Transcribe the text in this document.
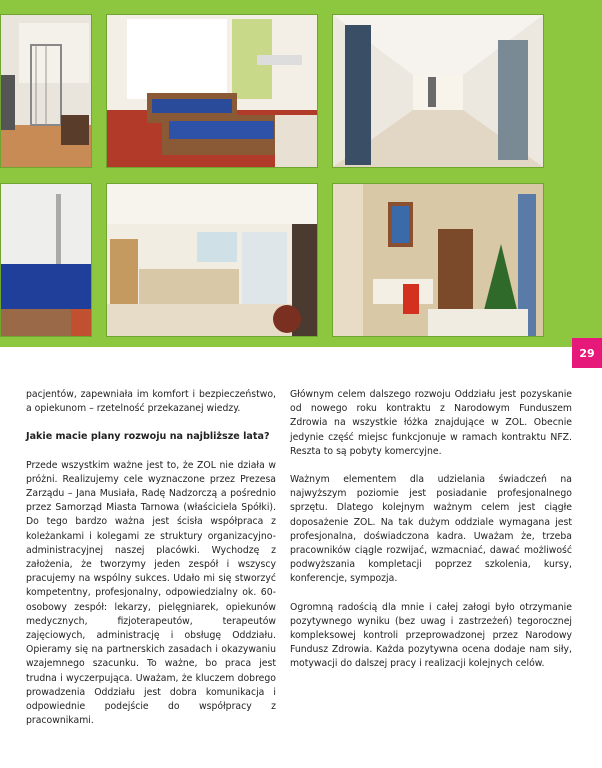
29

pacjentów, zapewniała im komfort i bezpieczeństwo, a opiekunom – rzetelność przekazanej wiedzy.

Jakie macie plany rozwoju na najbliższe lata?

Przede wszystkim ważne jest to, że ZOL nie działa w próżni. Realizujemy cele wyznaczone przez Prezesa Zarządu – Jana Musiała, Radę Nadzorczą a pośrednio przez Samorząd Miasta Tarnowa (właściciela Spółki). Do tego bardzo ważna jest ścisła współpraca z koleżankami i kolegami ze struktury organizacyjno-administracyjnej naszej placówki. Wychodzę z założenia, że tworzymy jeden zespół i wszyscy pracujemy na wspólny sukces. Udało mi się stworzyć kompetentny, profesjonalny, odpowiedzialny ok. 60-osobowy zespół: lekarzy, pielęgniarek, opiekunów medycznych, fizjoterapeutów, terapeutów zajęciowych, administrację i obsługę Oddziału. Opieramy się na partnerskich zasadach i okazywaniu wzajemnego szacunku. To ważne, bo praca jest trudna i wyczerpująca. Uważam, że kluczem dobrego prowadzenia Oddziału jest dobra komunikacja i odpowiednie podejście do współpracy z pracownikami.

Głównym celem dalszego rozwoju Oddziału jest pozyskanie od nowego roku kontraktu z Narodowym Funduszem Zdrowia na wszystkie łóżka znajdujące w ZOL. Obecnie jedynie część miejsc funkcjonuje w ramach kontraktu NFZ. Reszta to są pobyty komercyjne.

Ważnym elementem dla udzielania świadczeń na najwyższym poziomie jest posiadanie profesjonalnego sprzętu. Dlatego kolejnym ważnym celem jest ciągłe doposażenie ZOL. Na tak dużym oddziale wymagana jest profesjonalna, doświadczona kadra. Uważam że, trzeba pracowników ciągle rozwijać, wzmacniać, dawać możliwość podwyższania kompletacji poprzez szkolenia, kursy, konferencje, sympozja.

Ogromną radością dla mnie i całej załogi było otrzymanie pozytywnego wyniku (bez uwag i zastrzeżeń) tegorocznej kompleksowej kontroli przeprowadzonej przez Narodowy Fundusz Zdrowia. Każda pozytywna ocena dodaje nam siły, motywacji do dalszej pracy i realizacji kolejnych celów.
